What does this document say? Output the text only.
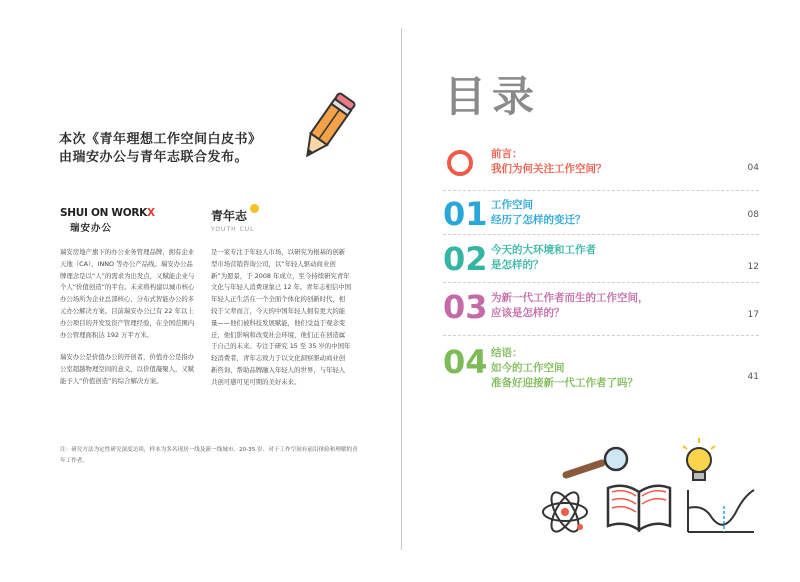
本次《青年理想工作空间白皮书》
由瑞安办公与青年志联合发布。
SHUI ON WORKX
瑞安办公
青年志
YOUTH CUL

瑞安房地产旗下的办公业务管理品牌，拥有企业天地（CA）、INNO 等办公产品线。瑞安办公品牌理念是以“人”的需求为出发点，又赋能企业与个人“价值创造”的平台。未来将构建以城市核心办公场所为企业总部核心、分布式智能办公的多元办公解决方案。目前瑞安办公已有 22 年以上办公项目的开发及资产管理经验，在全国范围内办公管理面积达 192 万平方米。

瑞安办公是价值办公的开创者，价值办公是指办公室超越物理空间的意义，以价值凝聚人，又赋能予人“价值创造”的综合解决方案。

是一家专注于年轻人市场，以研究为根基的创新型市场营销咨询公司，以“年轻人驱动商业创新”为愿景，于 2008 年成立，至今持续研究青年文化与年轻人消费现象已 12 年。青年志相信中国年轻人正生活在一个全面个体化的创新时代，相较于父辈而言，今天的中国年轻人拥有更大的能量——他们被科技发展赋能，他们受益于观念变迁，他们影响和改变社会环境，他们正在创造属于自己的未来。专注于研究 15 至 35 岁的中国年轻消费者，青年志致力于以文化洞察驱动商业创新咨询，帮助品牌融入年轻人的世界，与年轻人共创可感可见可期的美好未来。

注：研究方法为定性研究深度访谈，样本为多名现居一线及新一线城市、20-35 岁、对于工作空间有前沿体验和理解的青年工作者。
目录
前言：
我们为何关注工作空间？	04
01 工作空间
经历了怎样的变迁？	08
02 今天的大环境和工作者
是怎样的？	12
03 为新一代工作者而生的工作空间，
应该是怎样的？	17
04 结语：
如今的工作空间
准备好迎接新一代工作者了吗？	41
